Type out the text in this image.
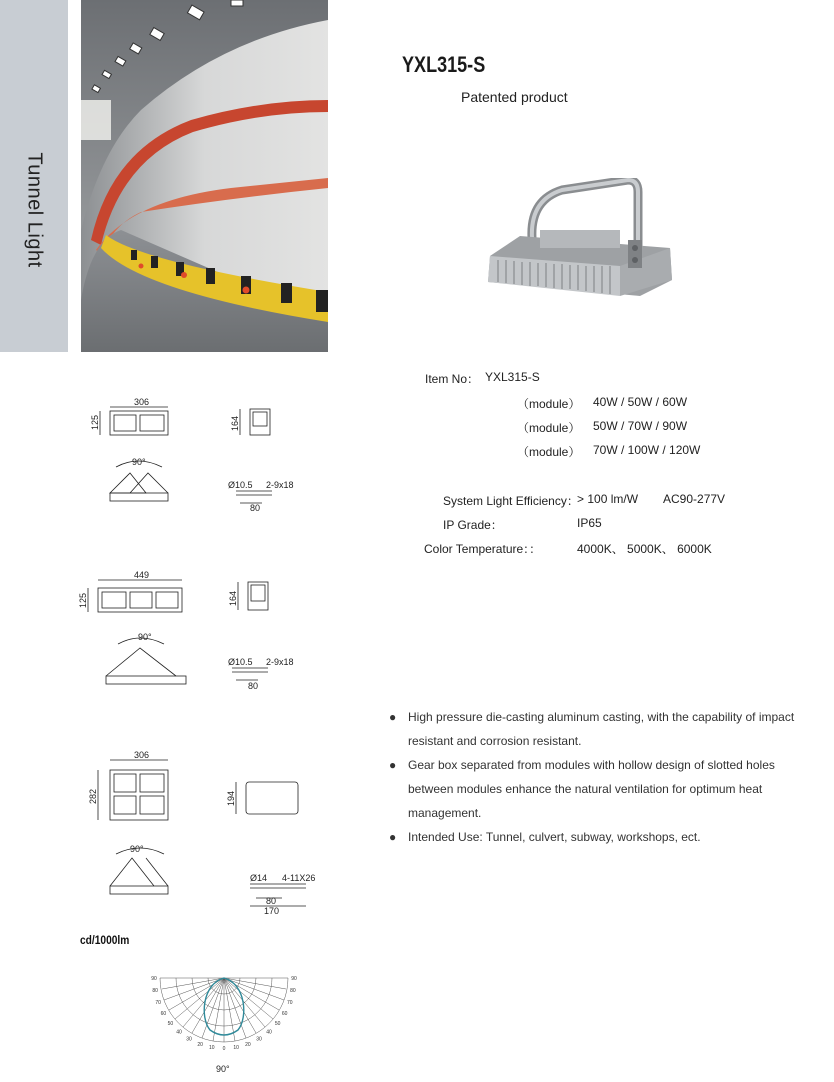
Tunnel Light
YXL315-S
Patented product
Item No： YXL315-S
（module） 40W / 50W / 60W
（module） 50W / 70W / 90W
（module） 70W / 100W / 120W
System Light Efficiency：
> 100 lm/W AC90-277V
IP Grade：	IP65
Color Temperature：：	4000K、 5000K、 6000K
● High pressure die-casting aluminum casting, with the capability of impact
resistant and corrosion resistant.
● Gear box separated from modules with hollow design of slotted holes
between modules enhance the natural ventilation for optimum heat
management.
● Intended Use: Tunnel, culvert, subway, workshops, ect.
306
125	164
90°
Ø10.5 2-9x18
80
449
125	164
90°
Ø10.5 2-9x18
80
306
282	194
90°
Ø14 4-11X26
80
170
cd/1000lm
90
80
70
60
50
40
30
20
10 0
90
80
70
60
50
40
30
20
10
90°
